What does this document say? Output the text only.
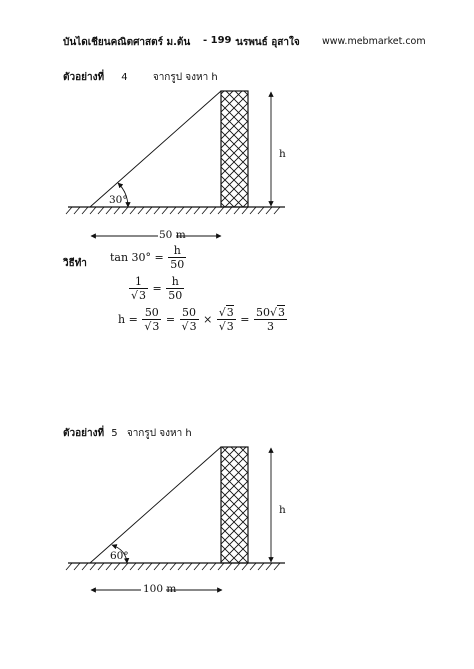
บันไดเชียนคณิตศาสตร์ ม.ต้น - 199 -
นรพนธ์ อุสาใจ www.mebmarket.com
ตัวอย่างที่ 4	จากรูป จงหา h
30°
h
50 m
วิธีทำ $\tan 30^\circ = \frac{h}{50}$
$\frac{1}{√3} = \frac{h}{50}$
$h = \frac{50}{√3} = \frac{50}{√3} \times \frac{√3}{√3} = \frac{50√3}{3}$
ตัวอย่างที่ 5 จากรูป จงหา h
60°
h
100 m
